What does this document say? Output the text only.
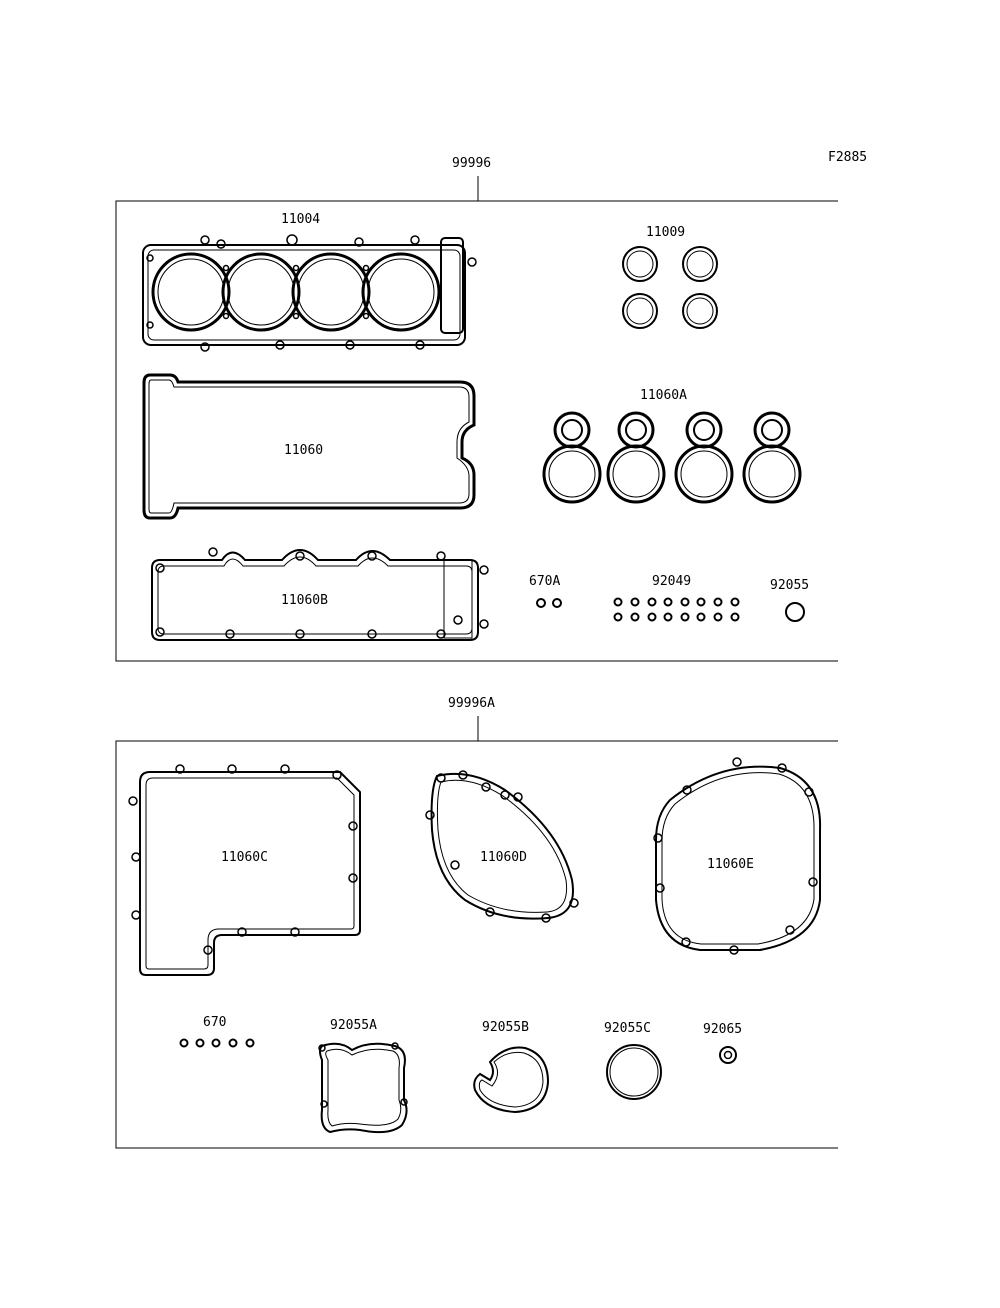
F2885
99996
11004
11009
11060
11060A
11060B
670A	92049	92055
99996A
11060C	11060D	11060E
670	92055A	92055B	92055C	92065
